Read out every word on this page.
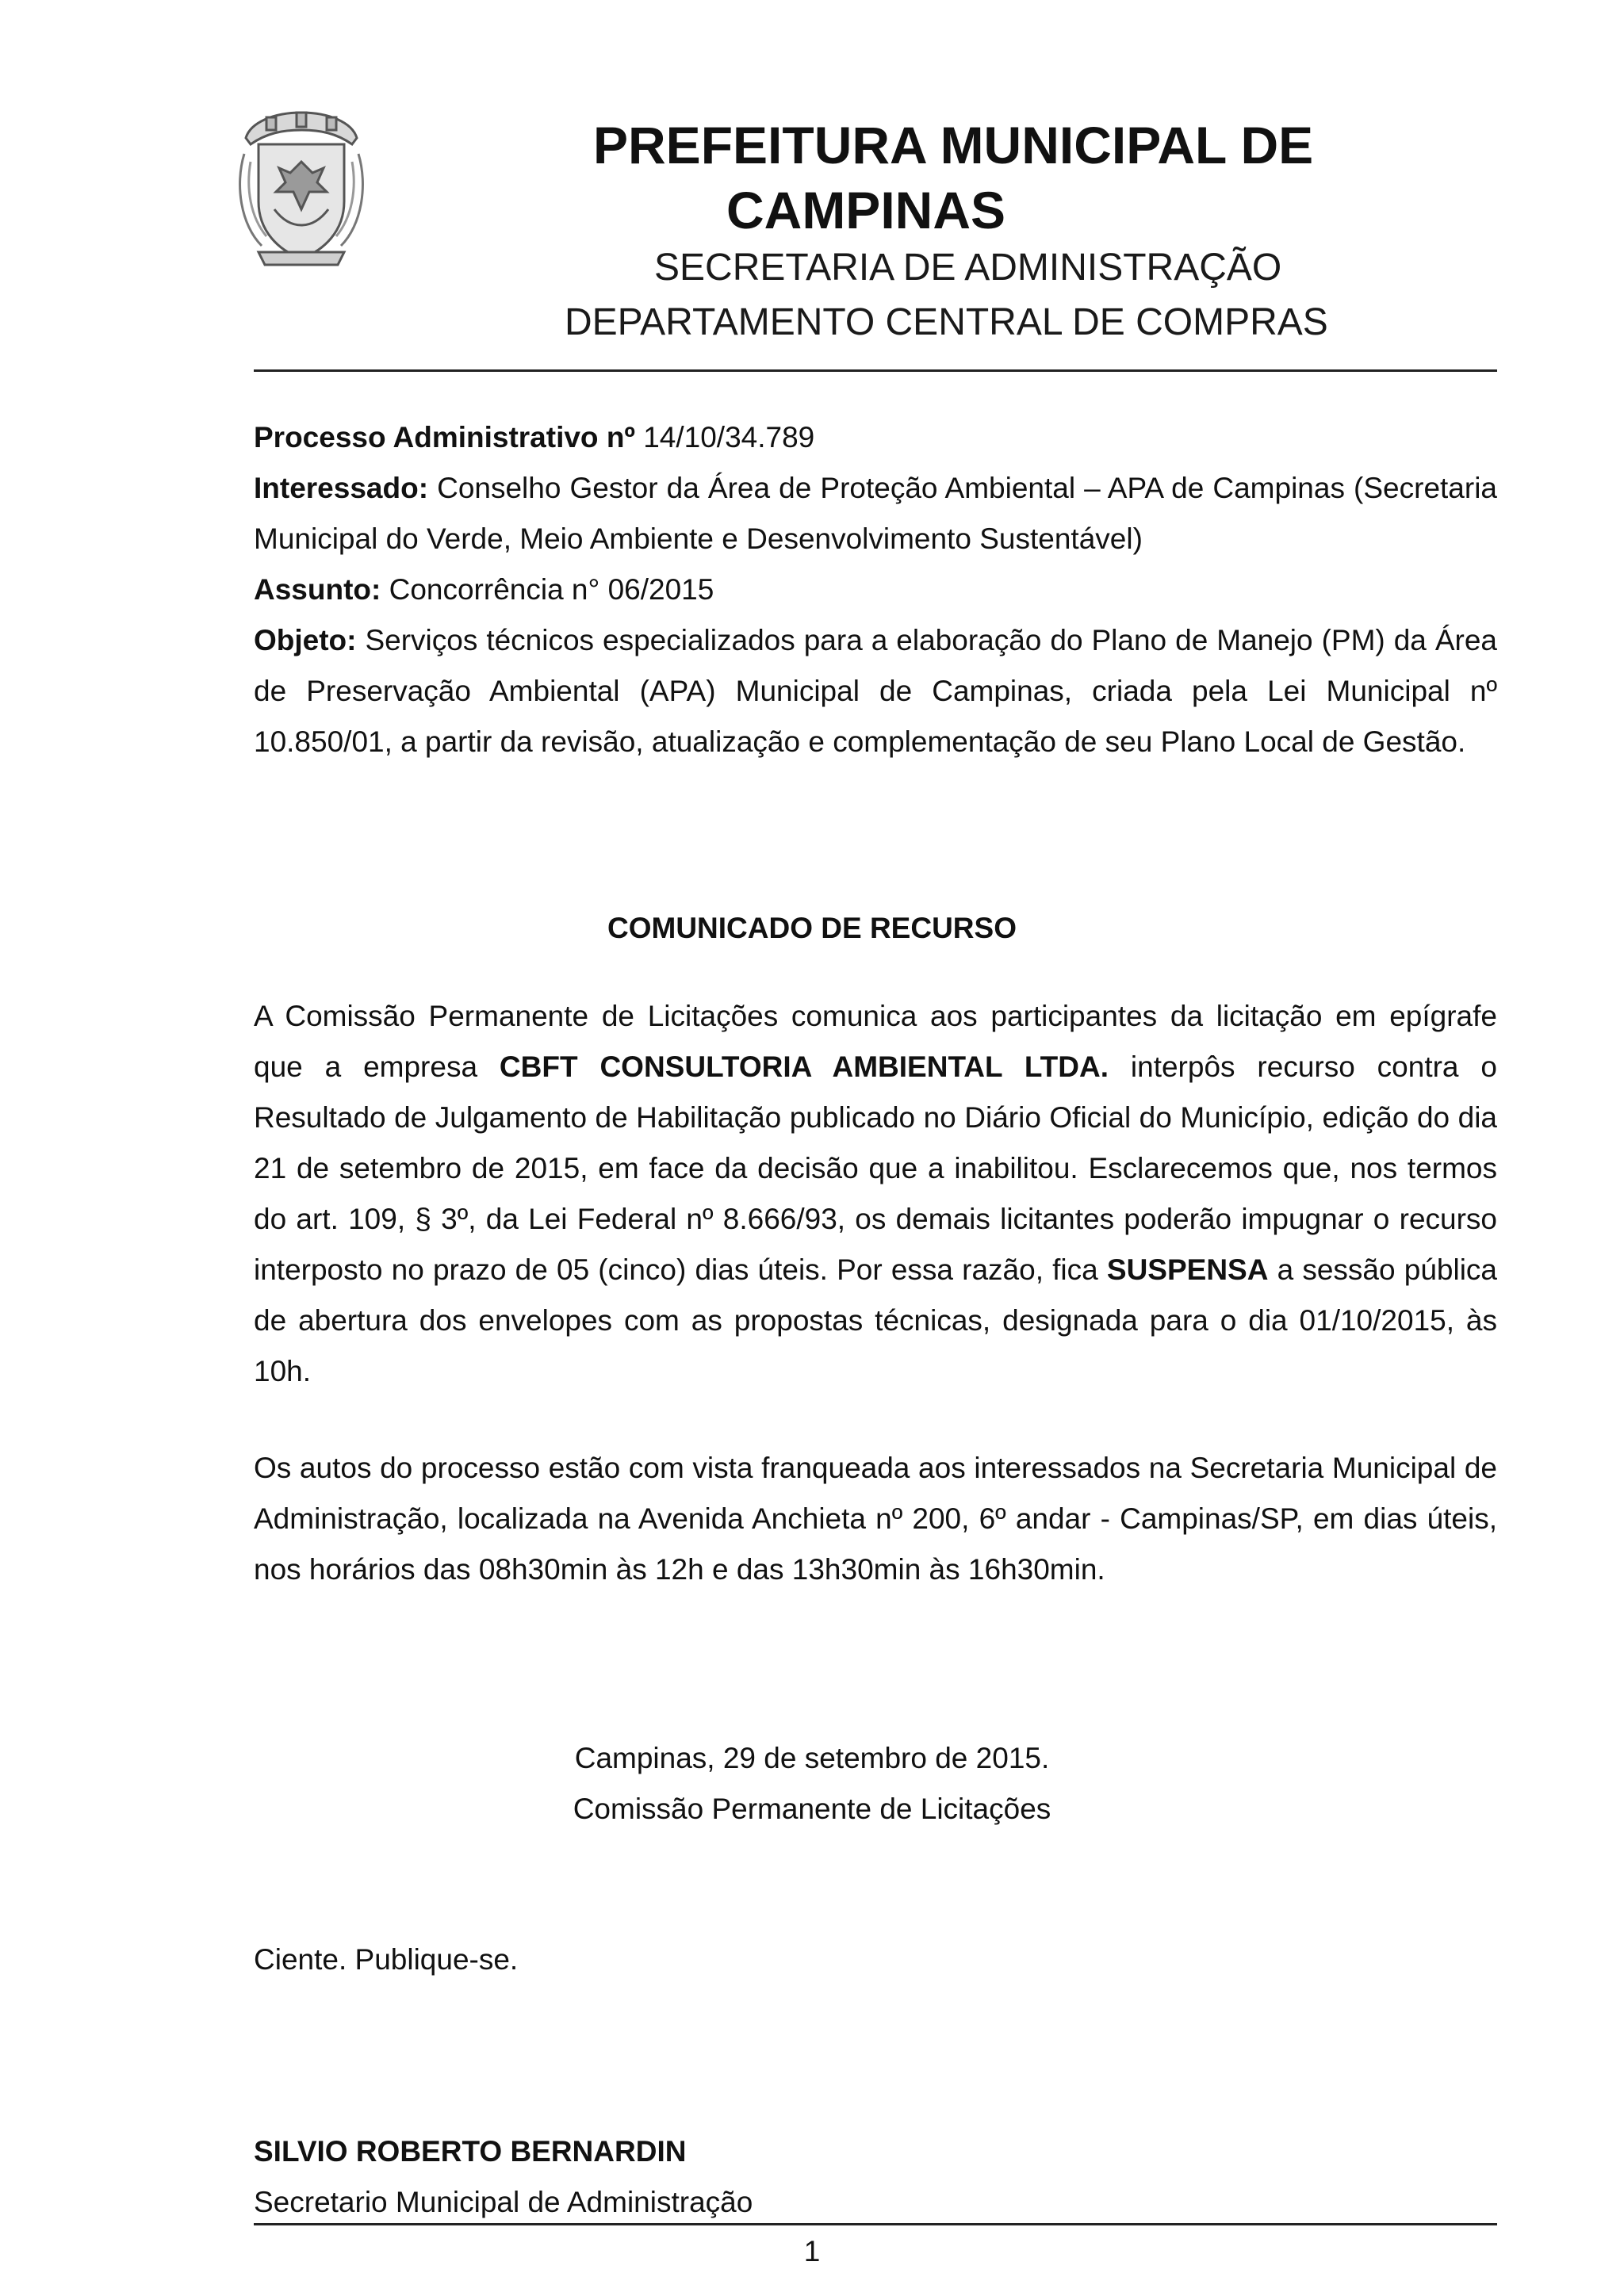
PREFEITURA MUNICIPAL DE
CAMPINAS
SECRETARIA DE ADMINISTRAÇÃO
DEPARTAMENTO CENTRAL DE COMPRAS

Processo Administrativo nº 14/10/34.789

Interessado: Conselho Gestor da Área de Proteção Ambiental – APA de Campinas (Secretaria Municipal do Verde, Meio Ambiente e Desenvolvimento Sustentável)

Assunto: Concorrência n° 06/2015

Objeto: Serviços técnicos especializados para a elaboração do Plano de Manejo (PM) da Área de Preservação Ambiental (APA) Municipal de Campinas, criada pela Lei Municipal nº 10.850/01, a partir da revisão, atualização e complementação de seu Plano Local de Gestão.

COMUNICADO DE RECURSO

A Comissão Permanente de Licitações comunica aos participantes da licitação em epígrafe que a empresa CBFT CONSULTORIA AMBIENTAL LTDA. interpôs recurso contra o Resultado de Julgamento de Habilitação publicado no Diário Oficial do Município, edição do dia 21 de setembro de 2015, em face da decisão que a inabilitou. Esclarecemos que, nos termos do art. 109, § 3º, da Lei Federal nº 8.666/93, os demais licitantes poderão impugnar o recurso interposto no prazo de 05 (cinco) dias úteis. Por essa razão, fica SUSPENSA a sessão pública de abertura dos envelopes com as propostas técnicas, designada para o dia 01/10/2015, às 10h.

Os autos do processo estão com vista franqueada aos interessados na Secretaria Municipal de Administração, localizada na Avenida Anchieta nº 200, 6º andar - Campinas/SP, em dias úteis, nos horários das 08h30min às 12h e das 13h30min às 16h30min.

Campinas, 29 de setembro de 2015.
Comissão Permanente de Licitações
Ciente. Publique-se.
SILVIO ROBERTO BERNARDIN
Secretario Municipal de Administração
1
